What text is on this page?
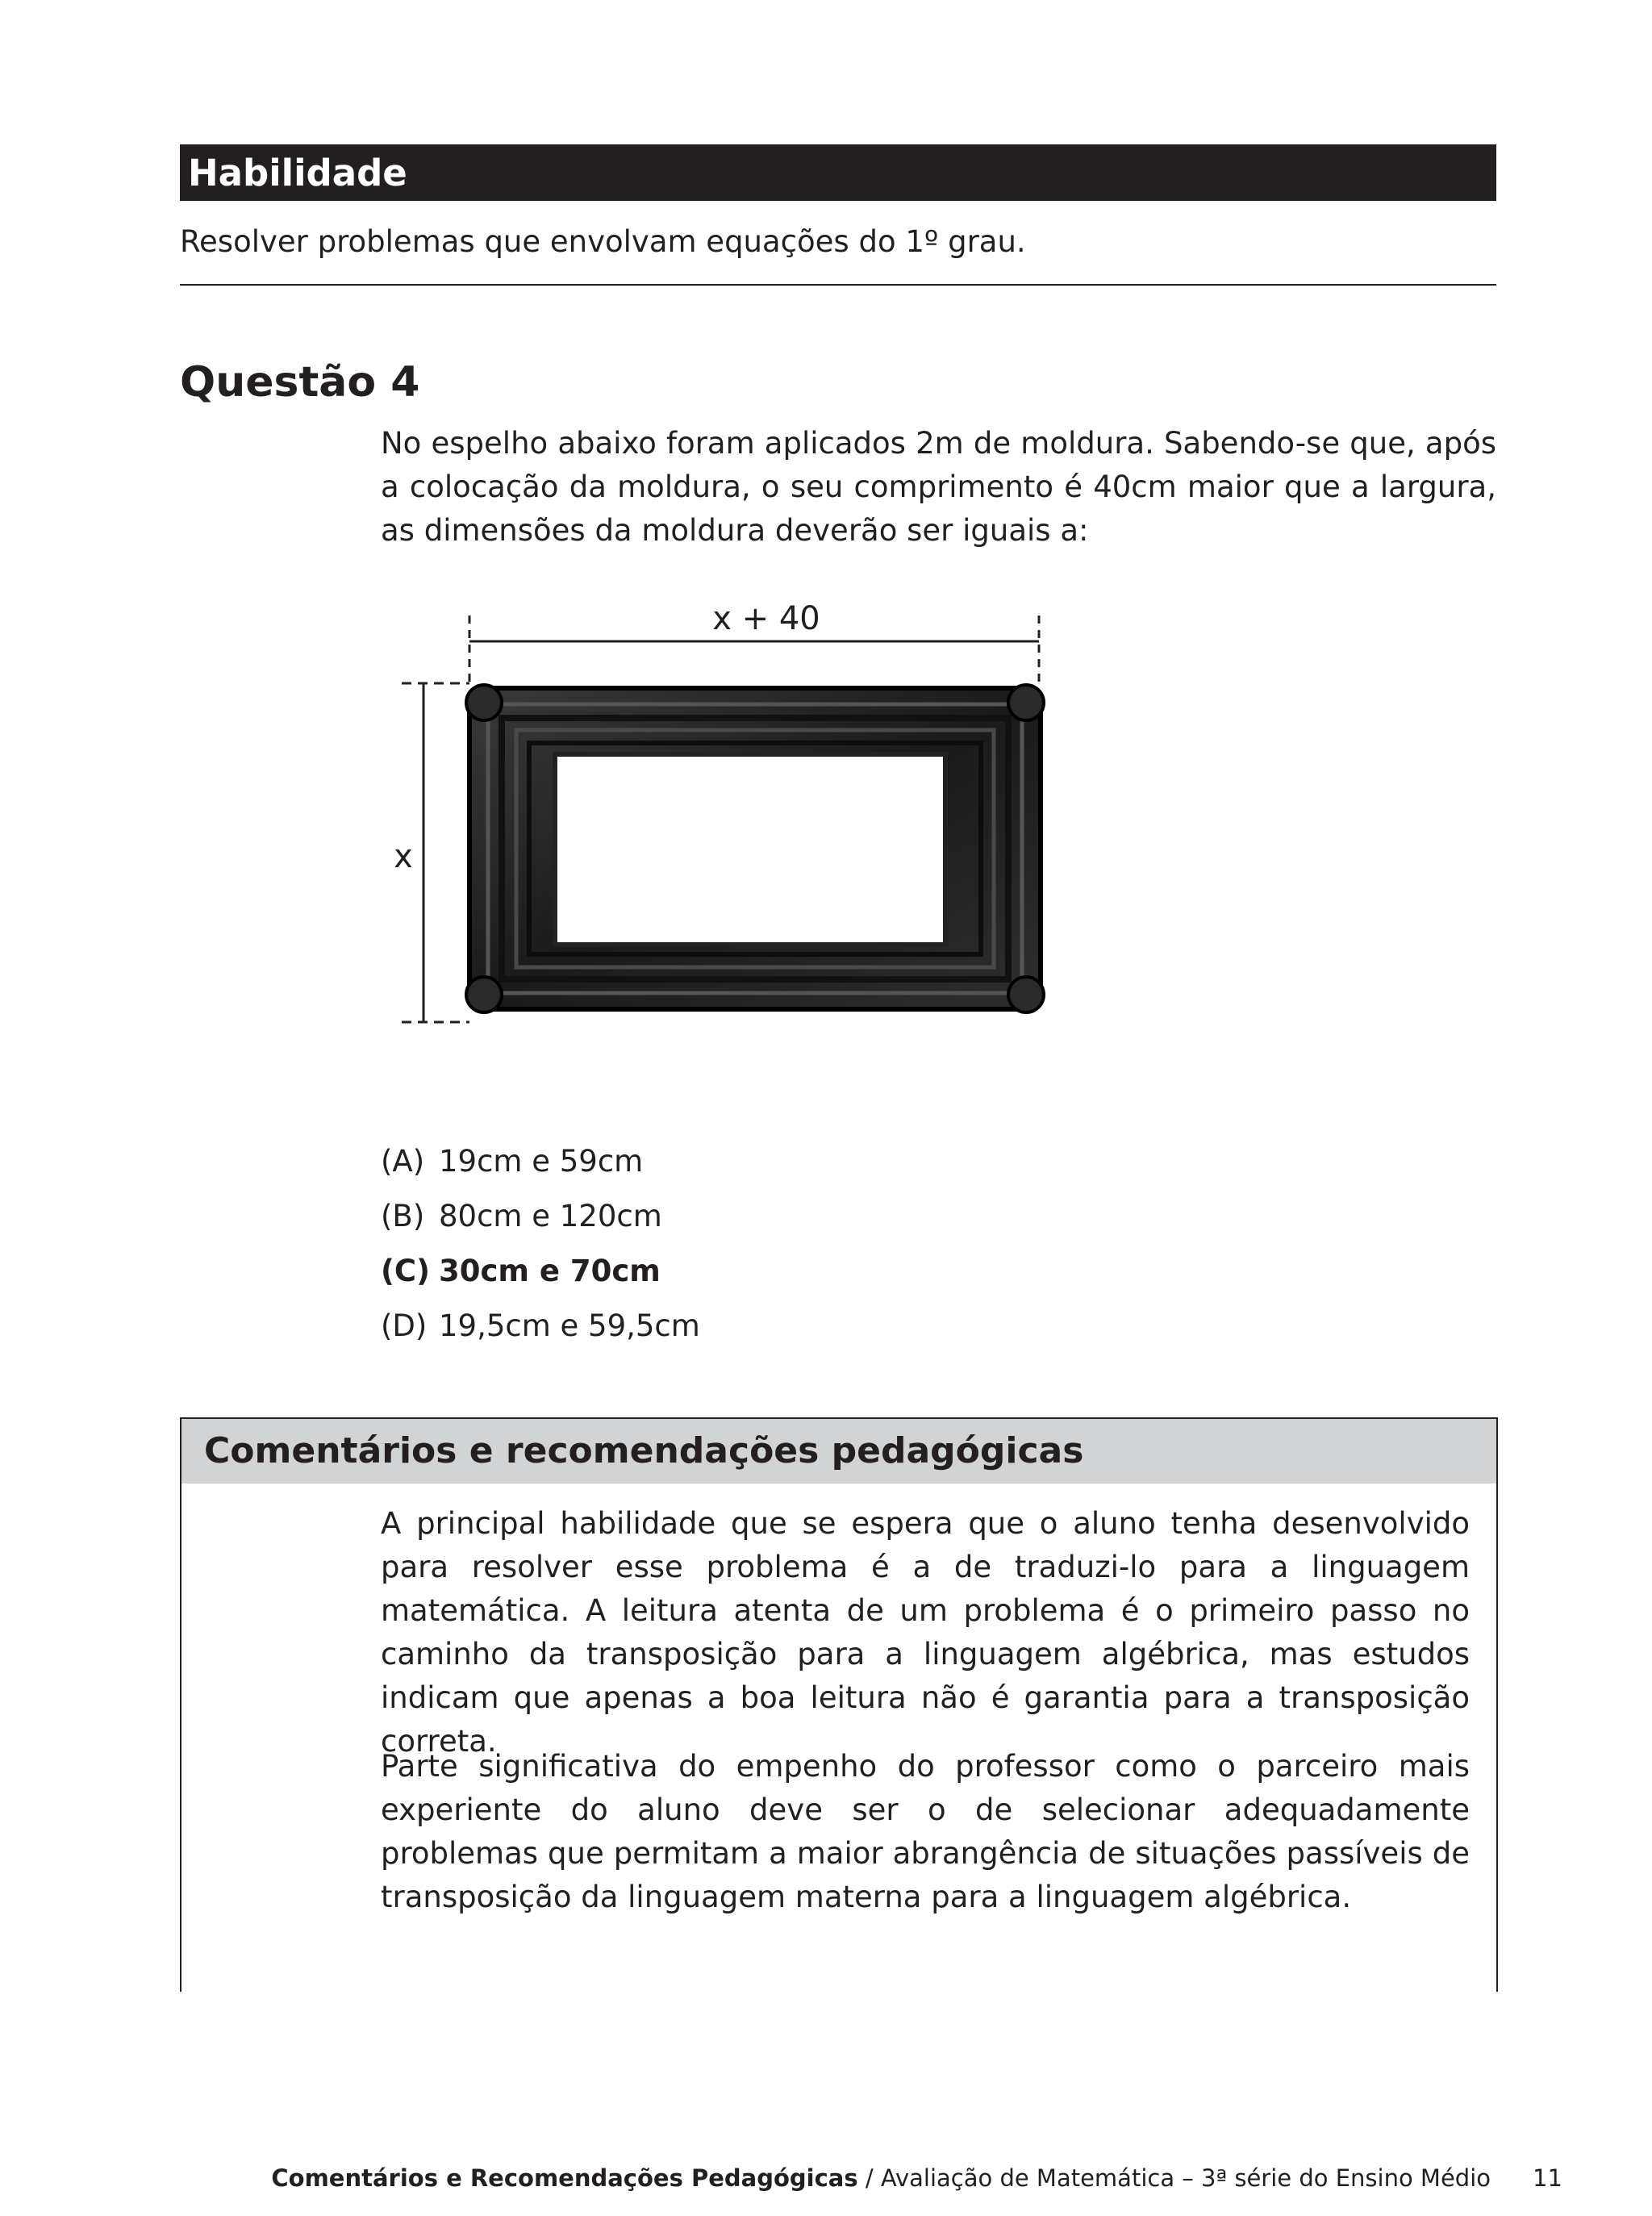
Habilidade
Resolver problemas que envolvam equações do 1º grau.
Questão 4

No espelho abaixo foram aplicados 2m de moldura. Sabendo-se que, após a colocação da moldura, o seu comprimento é 40cm maior que a largura, as dimensões da moldura deverão ser iguais a:

x + 40
x
(A) 19cm e 59cm
(B) 80cm e 120cm
(C) 30cm e 70cm
(D) 19,5cm e 59,5cm
Comentários e recomendações pedagógicas

A principal habilidade que se espera que o aluno tenha desenvolvido para resolver esse problema é a de traduzi-lo para a linguagem matemática. A leitura atenta de um problema é o primeiro passo no caminho da transposição para a linguagem algébrica, mas estudos indicam que apenas a boa leitura não é garantia para a transposição correta.

Parte significativa do empenho do professor como o parceiro mais experiente do aluno deve ser o de selecionar adequadamente problemas que permitam a maior abrangência de situações passíveis de transposição da linguagem materna para a linguagem algébrica.

Comentários e Recomendações Pedagógicas / Avaliação de Matemática – 3ª série do Ensino Médio 11
